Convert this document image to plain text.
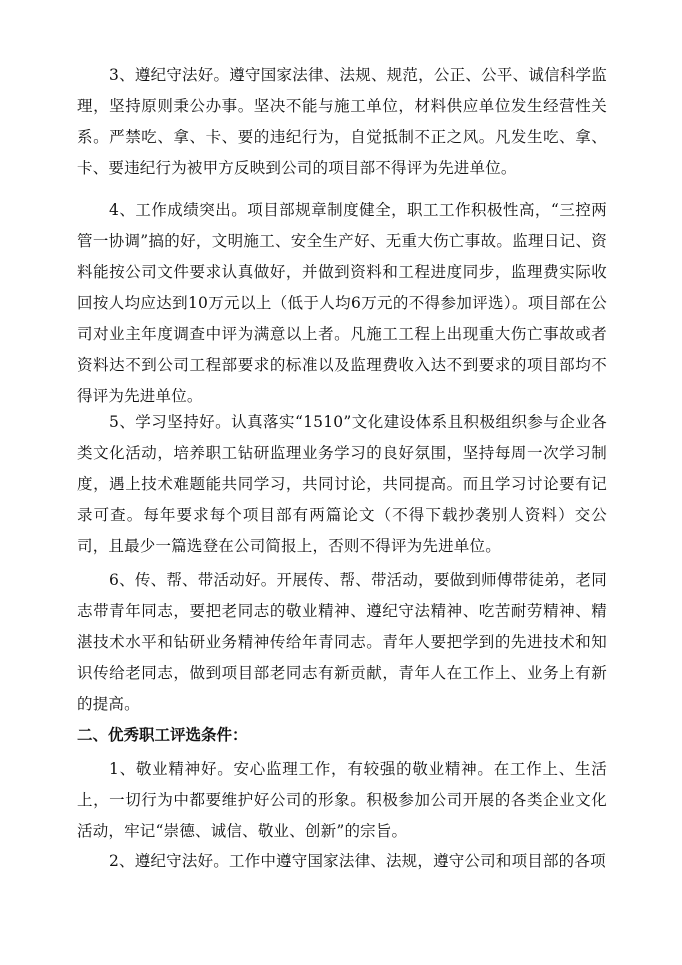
3、遵纪守法好。遵守国家法律、法规、规范，公正、公平、诚信科学监理，坚持原则秉公办事。坚决不能与施工单位，材料供应单位发生经营性关系。严禁吃、拿、卡、要的违纪行为，自觉抵制不正之风。凡发生吃、拿、卡、要违纪行为被甲方反映到公司的项目部不得评为先进单位。

4、工作成绩突出。项目部规章制度健全，职工工作积极性高，“三控两管一协调”搞的好，文明施工、安全生产好、无重大伤亡事故。监理日记、资料能按公司文件要求认真做好，并做到资料和工程进度同步，监理费实际收回按人均应达到10万元以上（低于人均6万元的不得参加评选）。项目部在公司对业主年度调查中评为满意以上者。凡施工工程上出现重大伤亡事故或者资料达不到公司工程部要求的标准以及监理费收入达不到要求的项目部均不得评为先进单位。

5、学习坚持好。认真落实“1510”文化建设体系且积极组织参与企业各类文化活动，培养职工钻研监理业务学习的良好氛围，坚持每周一次学习制度，遇上技术难题能共同学习，共同讨论，共同提高。而且学习讨论要有记录可查。每年要求每个项目部有两篇论文（不得下载抄袭别人资料）交公司，且最少一篇选登在公司简报上，否则不得评为先进单位。

6、传、帮、带活动好。开展传、帮、带活动，要做到师傅带徒弟，老同志带青年同志，要把老同志的敬业精神、遵纪守法精神、吃苦耐劳精神、精湛技术水平和钻研业务精神传给年青同志。青年人要把学到的先进技术和知识传给老同志，做到项目部老同志有新贡献，青年人在工作上、业务上有新的提高。

二、优秀职工评选条件：

1、敬业精神好。安心监理工作，有较强的敬业精神。在工作上、生活上，一切行为中都要维护好公司的形象。积极参加公司开展的各类企业文化活动，牢记“崇德、诚信、敬业、创新”的宗旨。

2、遵纪守法好。工作中遵守国家法律、法规，遵守公司和项目部的各项
